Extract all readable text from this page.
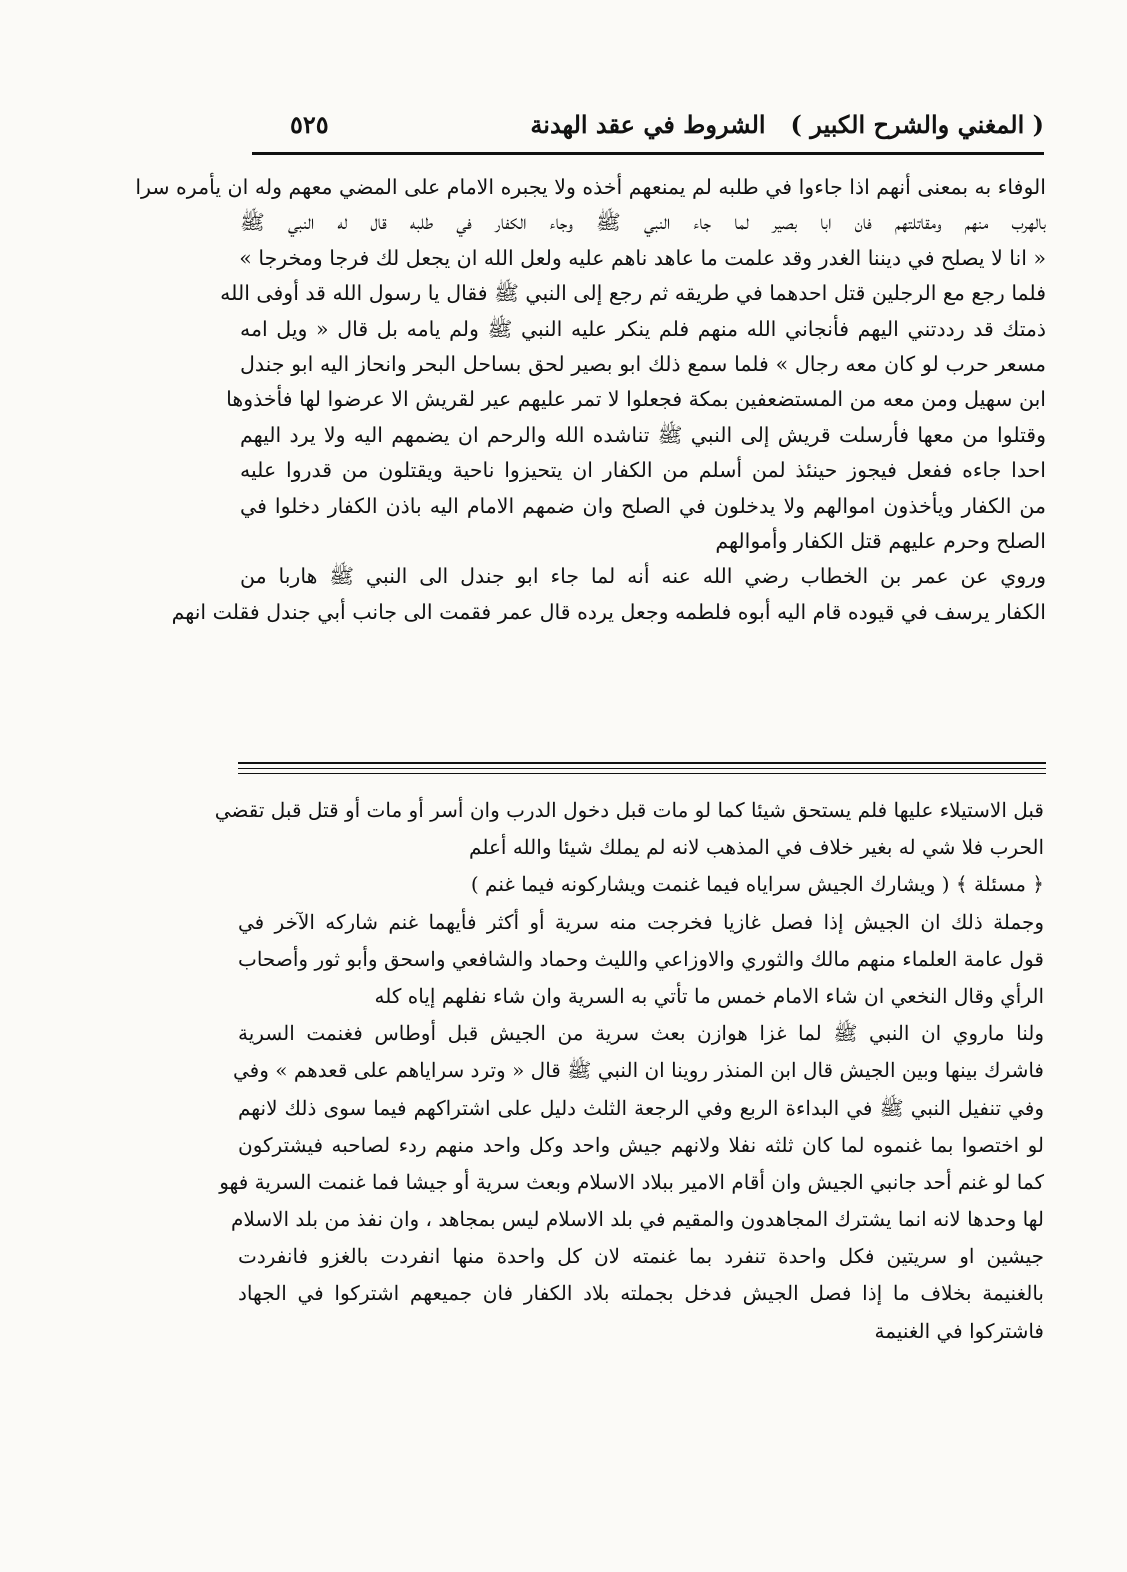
( المغني والشرح الكبير )
الشروط في عقد الهدنة
٥٢٥
الوفاء به بمعنى أنهم اذا جاءوا في طلبه لم يمنعهم أخذه ولا يجبره الامام على المضي معهم وله ان يأمره سرا
بالهرب منهم ومقاتلتهم فان ابا بصير لما جاء النبي ﷺ وجاء الكفار في طلبه قال له النبي ﷺ
« انا لا يصلح في ديننا الغدر وقد علمت ما عاهد ناهم عليه ولعل الله ان يجعل لك فرجا ومخرجا »
فلما رجع مع الرجلين قتل احدهما في طريقه ثم رجع إلى النبي ﷺ فقال يا رسول الله قد أوفى الله
ذمتك قد رددتني اليهم فأنجاني الله منهم فلم ينكر عليه النبي ﷺ ولم يامه بل قال « ويل امه
مسعر حرب لو كان معه رجال » فلما سمع ذلك ابو بصير لحق بساحل البحر وانحاز اليه ابو جندل
ابن سهيل ومن معه من المستضعفين بمكة فجعلوا لا تمر عليهم عير لقريش الا عرضوا لها فأخذوها
وقتلوا من معها فأرسلت قريش إلى النبي ﷺ تناشده الله والرحم ان يضمهم اليه ولا يرد اليهم
احدا جاءه ففعل فيجوز حينئذ لمن أسلم من الكفار ان يتحيزوا ناحية ويقتلون من قدروا عليه
من الكفار ويأخذون اموالهم ولا يدخلون في الصلح وان ضمهم الامام اليه باذن الكفار دخلوا في
الصلح وحرم عليهم قتل الكفار وأموالهم
وروي عن عمر بن الخطاب رضي الله عنه أنه لما جاء ابو جندل الى النبي ﷺ هاربا من
الكفار يرسف في قيوده قام اليه أبوه فلطمه وجعل يرده قال عمر فقمت الى جانب أبي جندل فقلت انهم
قبل الاستيلاء عليها فلم يستحق شيئا كما لو مات قبل دخول الدرب وان أسر أو مات أو قتل قبل تقضي
الحرب فلا شي له بغير خلاف في المذهب لانه لم يملك شيئا والله أعلم
﴿ مسئلة ﴾ ( ويشارك الجيش سراياه فيما غنمت ويشاركونه فيما غنم )
وجملة ذلك ان الجيش إذا فصل غازيا فخرجت منه سرية أو أكثر فأيهما غنم شاركه الآخر في
قول عامة العلماء منهم مالك والثوري والاوزاعي والليث وحماد والشافعي واسحق وأبو ثور وأصحاب
الرأي وقال النخعي ان شاء الامام خمس ما تأتي به السرية وان شاء نفلهم إياه كله
ولنا ماروي ان النبي ﷺ لما غزا هوازن بعث سرية من الجيش قبل أوطاس فغنمت السرية
فاشرك بينها وبين الجيش قال ابن المنذر روينا ان النبي ﷺ قال « وترد سراياهم على قعدهم » وفي
وفي تنفيل النبي ﷺ في البداءة الربع وفي الرجعة الثلث دليل على اشتراكهم فيما سوى ذلك لانهم
لو اختصوا بما غنموه لما كان ثلثه نفلا ولانهم جيش واحد وكل واحد منهم ردء لصاحبه فيشتركون
كما لو غنم أحد جانبي الجيش وان أقام الامير ببلاد الاسلام وبعث سرية أو جيشا فما غنمت السرية فهو
لها وحدها لانه انما يشترك المجاهدون والمقيم في بلد الاسلام ليس بمجاهد ، وان نفذ من بلد الاسلام
جيشين او سريتين فكل واحدة تنفرد بما غنمته لان كل واحدة منها انفردت بالغزو فانفردت
بالغنيمة بخلاف ما إذا فصل الجيش فدخل بجملته بلاد الكفار فان جميعهم اشتركوا في الجهاد
فاشتركوا في الغنيمة
